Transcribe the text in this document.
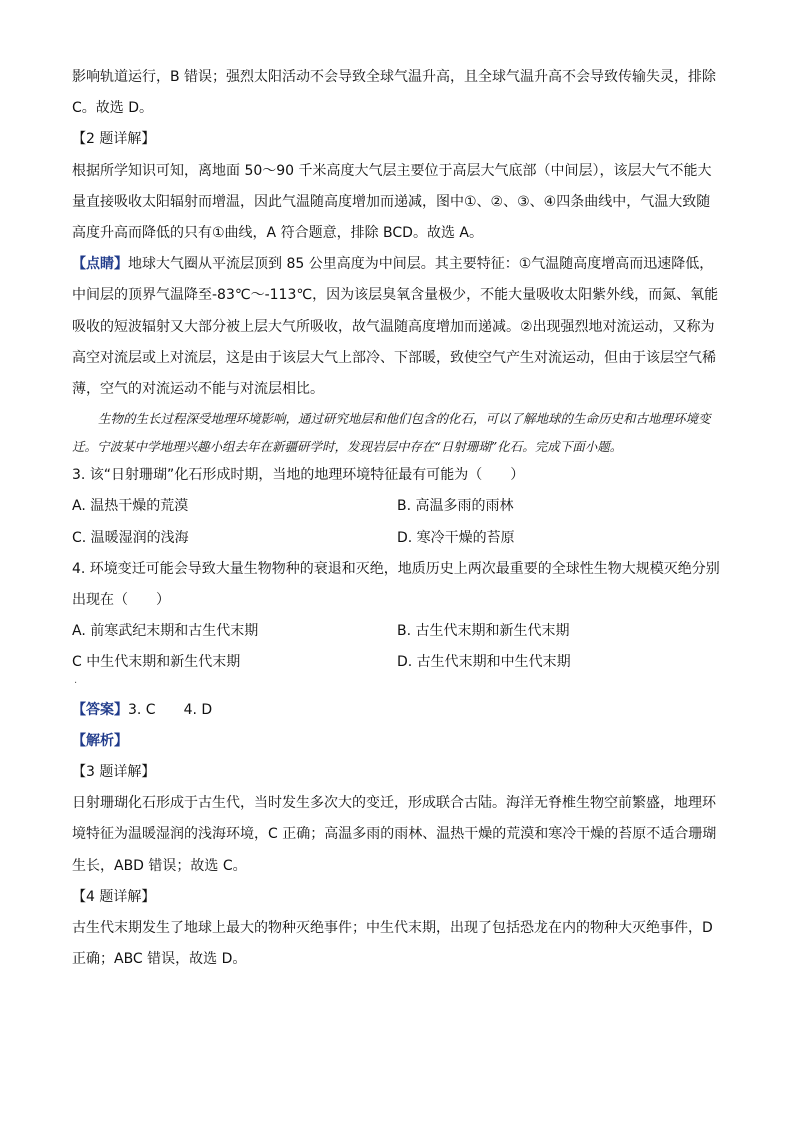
影响轨道运行，B 错误；强烈太阳活动不会导致全球气温升高，且全球气温升高不会导致传输失灵，排除 C。故选 D。

【2 题详解】

根据所学知识可知，离地面 50～90 千米高度大气层主要位于高层大气底部（中间层），该层大气不能大量直接吸收太阳辐射而增温，因此气温随高度增加而递减，图中①、②、③、④四条曲线中，气温大致随高度升高而降低的只有①曲线，A 符合题意，排除 BCD。故选 A。

【点睛】地球大气圈从平流层顶到 85 公里高度为中间层。其主要特征：①气温随高度增高而迅速降低，中间层的顶界气温降至-83℃～-113℃，因为该层臭氧含量极少，不能大量吸收太阳紫外线，而氮、氧能吸收的短波辐射又大部分被上层大气所吸收，故气温随高度增加而递减。②出现强烈地对流运动，又称为高空对流层或上对流层，这是由于该层大气上部冷、下部暖，致使空气产生对流运动，但由于该层空气稀薄，空气的对流运动不能与对流层相比。

生物的生长过程深受地理环境影响，通过研究地层和他们包含的化石，可以了解地球的生命历史和古地理环境变迁。宁波某中学地理兴趣小组去年在新疆研学时，发现岩层中存在“日射珊瑚”化石。完成下面小题。

3. 该“日射珊瑚”化石形成时期，当地的地理环境特征最有可能为（　　）

A. 温热干燥的荒漠	B. 高温多雨的雨林
C. 温暖湿润的浅海	D. 寒冷干燥的苔原

4. 环境变迁可能会导致大量生物物种的衰退和灭绝，地质历史上两次最重要的全球性生物大规模灭绝分别出现在（　　）

A. 前寒武纪末期和古生代末期	B. 古生代末期和新生代末期
C 中生代末期和新生代末期	D. 古生代末期和中生代末期
·

【答案】3. C　　4. D

【解析】

【3 题详解】

日射珊瑚化石形成于古生代，当时发生多次大的变迁，形成联合古陆。海洋无脊椎生物空前繁盛，地理环境特征为温暖湿润的浅海环境，C 正确；高温多雨的雨林、温热干燥的荒漠和寒冷干燥的苔原不适合珊瑚生长，ABD 错误；故选 C。

【4 题详解】

古生代末期发生了地球上最大的物种灭绝事件；中生代末期，出现了包括恐龙在内的物种大灭绝事件，D 正确；ABC 错误，故选 D。
